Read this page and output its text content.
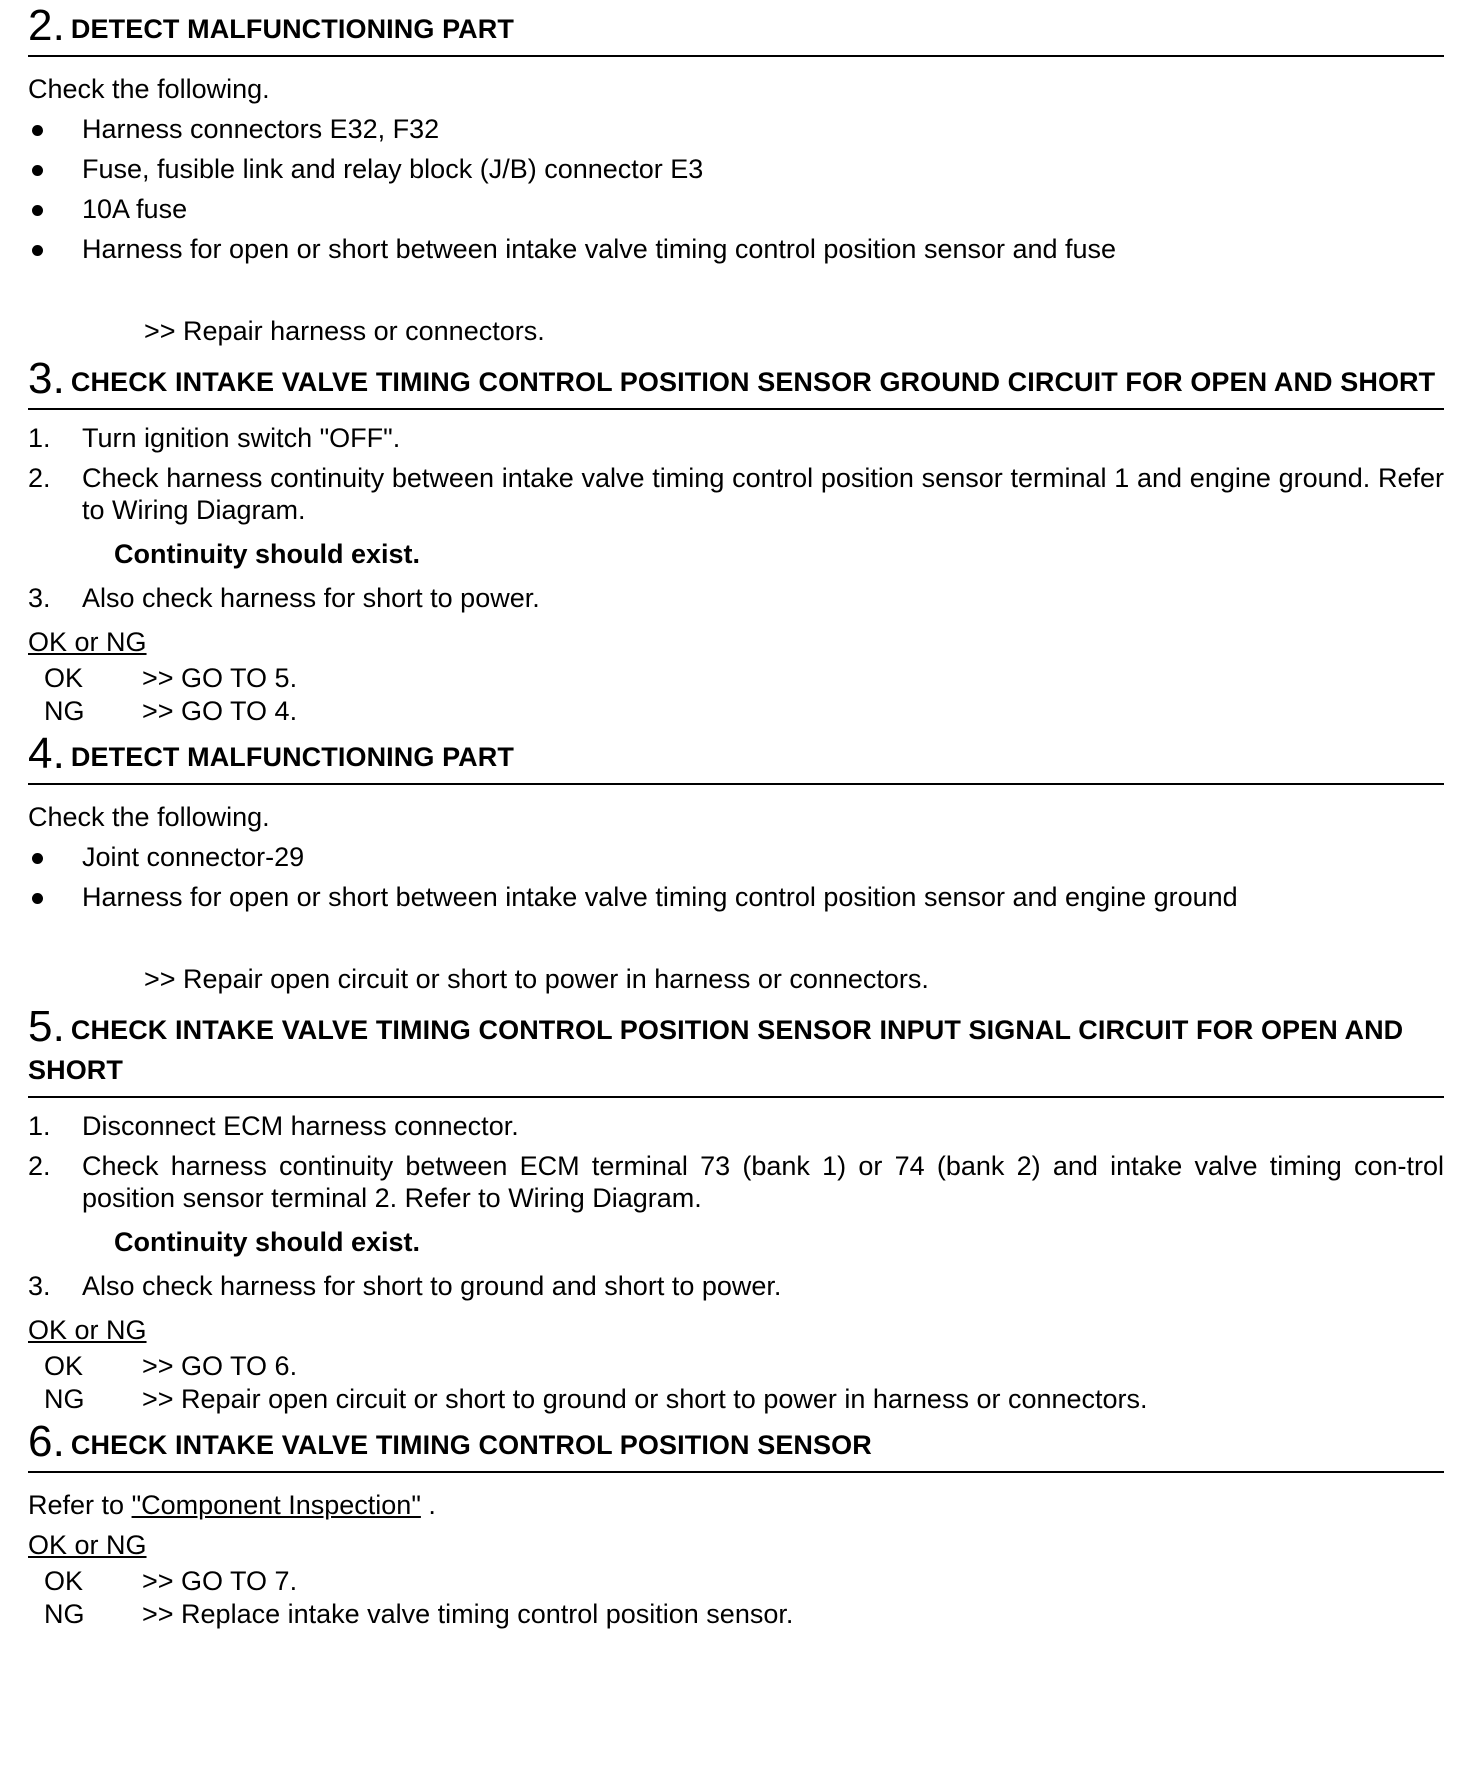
2. DETECT MALFUNCTIONING PART

Check the following.

Harness connectors E32, F32
Fuse, fusible link and relay block (J/B) connector E3
10A fuse
Harness for open or short between intake valve timing control position sensor and fuse
>> Repair harness or connectors.
3. CHECK INTAKE VALVE TIMING CONTROL POSITION SENSOR GROUND CIRCUIT FOR OPEN AND SHORT
1. Turn ignition switch "OFF".
2. Check harness continuity between intake valve timing control position sensor terminal 1 and engine ground. Refer to Wiring Diagram.
Continuity should exist.
3. Also check harness for short to power.
OK or NG
OK	>> GO TO 5.
NG	>> GO TO 4.
4. DETECT MALFUNCTIONING PART

Check the following.

Joint connector-29
Harness for open or short between intake valve timing control position sensor and engine ground
>> Repair open circuit or short to power in harness or connectors.
5. CHECK INTAKE VALVE TIMING CONTROL POSITION SENSOR INPUT SIGNAL CIRCUIT FOR OPEN AND SHORT
1. Disconnect ECM harness connector.
2. Check harness continuity between ECM terminal 73 (bank 1) or 74 (bank 2) and intake valve timing con-trol position sensor terminal 2. Refer to Wiring Diagram.
Continuity should exist.
3. Also check harness for short to ground and short to power.
OK or NG
OK	>> GO TO 6.
NG	>> Repair open circuit or short to ground or short to power in harness or connectors.
6. CHECK INTAKE VALVE TIMING CONTROL POSITION SENSOR

Refer to "Component Inspection" .

OK or NG
OK	>> GO TO 7.
NG	>> Replace intake valve timing control position sensor.
